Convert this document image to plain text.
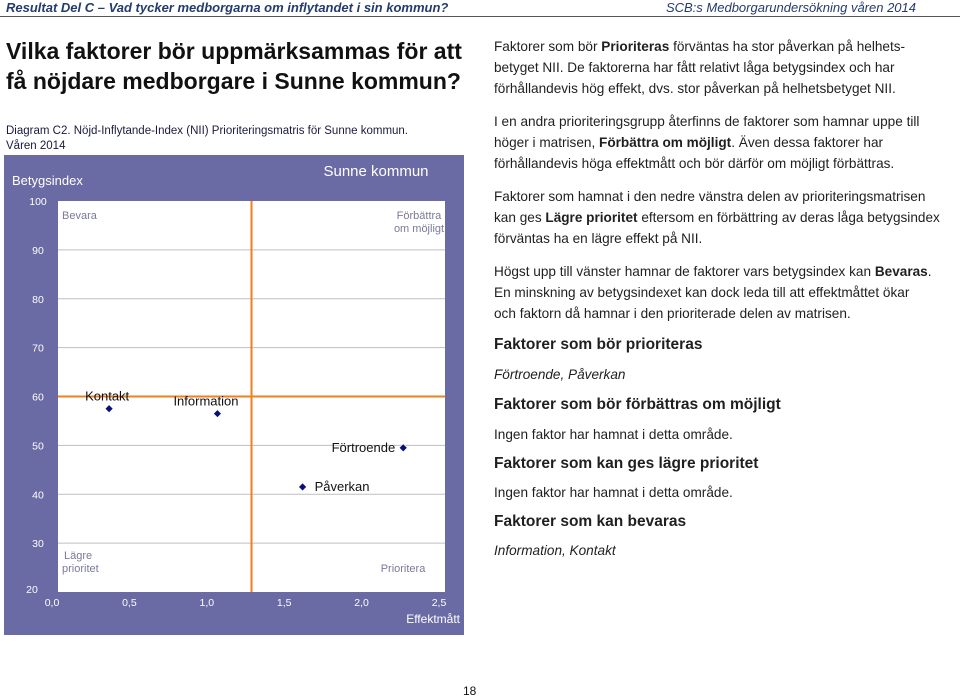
Resultat Del C – Vad tycker medborgarna om inflytandet i sin kommun?	SCB:s Medborgarundersökning våren 2014
Vilka faktorer bör uppmärksammas för att få nöjdare medborgare i Sunne kommun?
Diagram C2. Nöjd-Inflytande-Index (NII) Prioriteringsmatris för Sunne kommun.
Våren 2014
Sunne kommun
Betygsindex
Effektmått
100
90
80
70
60
50
40
30
20
0,0	0,5	1,0	1,5	2,0	2,5
Bevara	Förbättra
om möjligt
Lägre
prioritet	Prioritera
Kontakt	Information
Förtroende
Påverkan

Faktorer som bör Prioriteras förväntas ha stor påverkan på helhets-
betyget NII. De faktorerna har fått relativt låga betygsindex och har
förhållandevis hög effekt, dvs. stor påverkan på helhetsbetyget NII.

I en andra prioriteringsgrupp återfinns de faktorer som hamnar uppe till
höger i matrisen, Förbättra om möjligt. Även dessa faktorer har
förhållandevis höga effektmått och bör därför om möjligt förbättras.

Faktorer som hamnat i den nedre vänstra delen av prioriteringsmatrisen
kan ges Lägre prioritet eftersom en förbättring av deras låga betygsindex
förväntas ha en lägre effekt på NII.

Högst upp till vänster hamnar de faktorer vars betygsindex kan Bevaras.
En minskning av betygsindexet kan dock leda till att effektmåttet ökar
och faktorn då hamnar i den prioriterade delen av matrisen.

Faktorer som bör prioriteras

Förtroende, Påverkan

Faktorer som bör förbättras om möjligt

Ingen faktor har hamnat i detta område.

Faktorer som kan ges lägre prioritet

Ingen faktor har hamnat i detta område.

Faktorer som kan bevaras

Information, Kontakt

18
